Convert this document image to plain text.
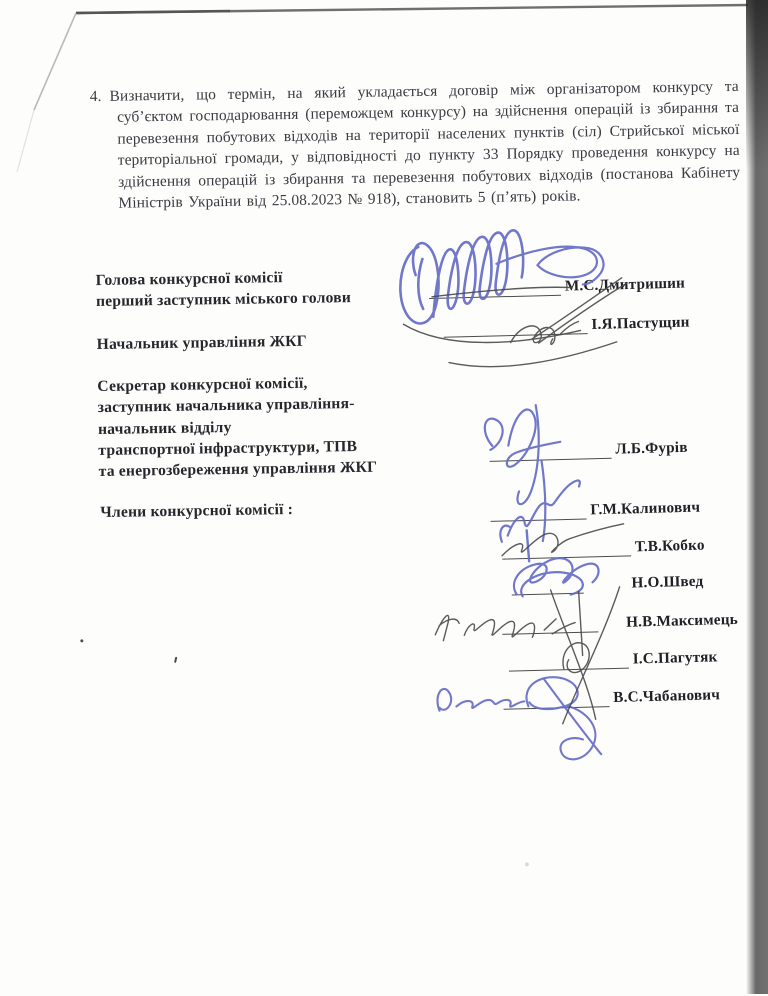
4. Визначити, що термін, на який укладається договір між організатором конкурсу та суб’єктом господарювання (переможцем конкурсу) на здійснення операцій із збирання та перевезення побутових відходів на території населених пунктів (сіл) Стрийської міської територіальної громади, у відповідності до пункту 33 Порядку проведення конкурсу на здійснення операцій із збирання та перевезення побутових відходів (постанова Кабінету Міністрів України від 25.08.2023 № 918), становить 5 (п’ять) років.
Голова конкурсної комісії
перший заступник міського голови
Начальник управління ЖКГ
Секретар конкурсної комісії,
заступник начальника управління-
начальник відділу
транспортної інфраструктури, ТПВ
та енергозбереження управління ЖКГ
Члени конкурсної комісії :
М.С.Дмитришин
І.Я.Пастущин
Л.Б.Фурів
Г.М.Калинович
Т.В.Кобко
Н.О.Швед
Н.В.Максимець
І.С.Пагутяк
В.С.Чабанович
